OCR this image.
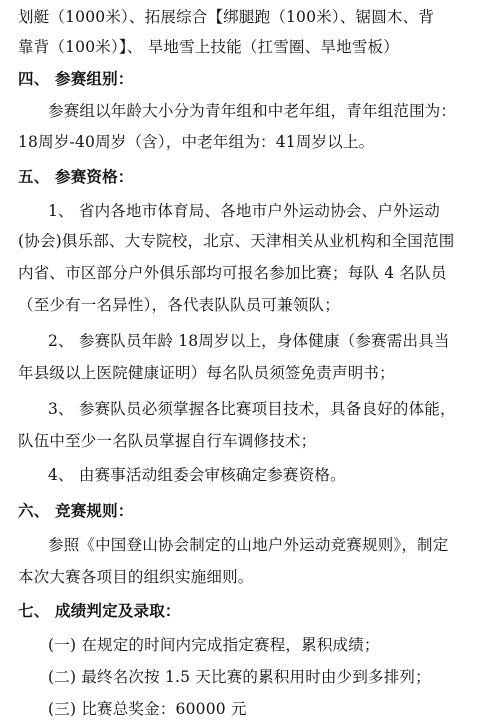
划艇（1000米）、拓展综合【绑腿跑（100米）、锯圆木、背
靠背（100米）】、 旱地雪上技能（扛雪圈、旱地雪板）
四、 参赛组别：
参赛组以年龄大小分为青年组和中老年组，青年组范围为：
18周岁-40周岁（含），中老年组为：41周岁以上。
五、 参赛资格：
1、 省内各地市体育局、各地市户外运动协会、户外运动
(协会)俱乐部、大专院校，北京、天津相关从业机构和全国范围
内省、市区部分户外俱乐部均可报名参加比赛；每队 4 名队员
（至少有一名异性），各代表队队员可兼领队；
2、 参赛队员年龄 18周岁以上，身体健康（参赛需出具当
年县级以上医院健康证明）每名队员须签免责声明书；
3、 参赛队员必须掌握各比赛项目技术，具备良好的体能，
队伍中至少一名队员掌握自行车调修技术；
4、 由赛事活动组委会审核确定参赛资格。
六、 竞赛规则：
参照《中国登山协会制定的山地户外运动竞赛规则》，制定
本次大赛各项目的组织实施细则。
七、 成绩判定及录取：
(一) 在规定的时间内完成指定赛程，累积成绩；
(二) 最终名次按 1.5 天比赛的累积用时由少到多排列；
(三) 比赛总奖金：60000 元
